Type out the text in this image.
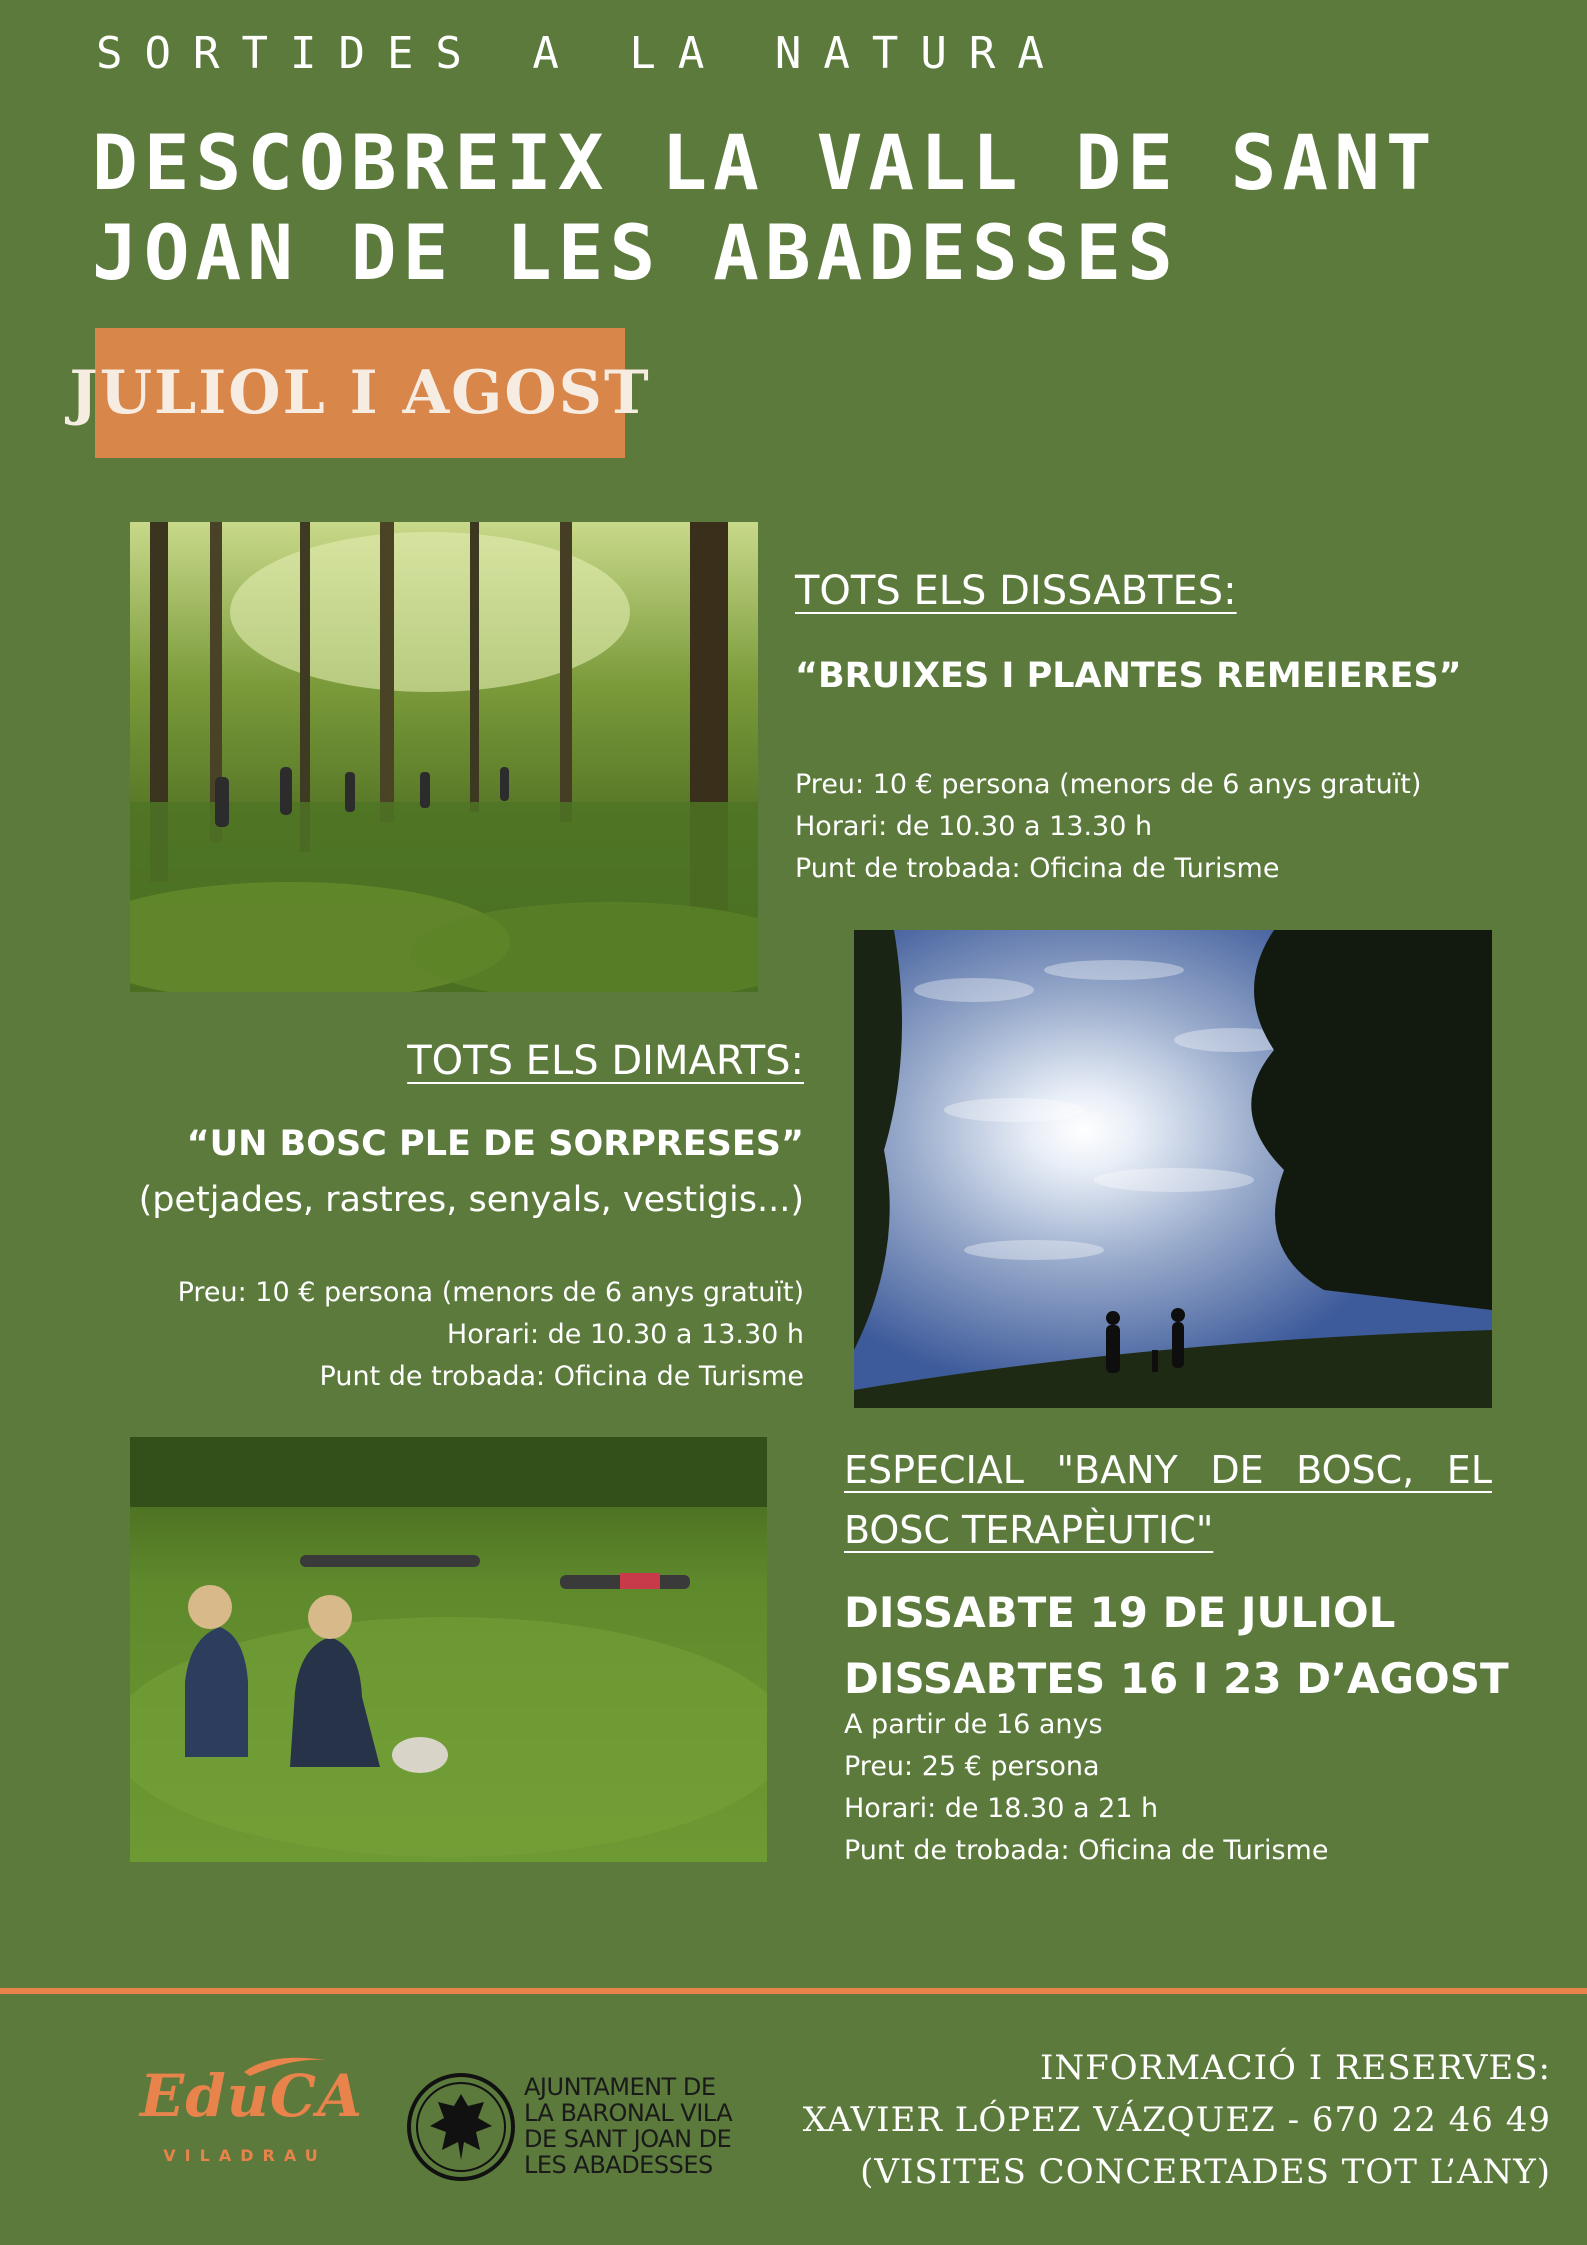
SORTIDES A LA NATURA
DESCOBREIX LA VALL DE SANT
JOAN DE LES ABADESSES
JULIOL I AGOST
TOTS ELS DISSABTES:
“BRUIXES I PLANTES REMEIERES”
Preu: 10 € persona (menors de 6 anys gratuït)
Horari: de 10.30 a 13.30 h
Punt de trobada: Oficina de Turisme
TOTS ELS DIMARTS:
“UN BOSC PLE DE SORPRESES”
(petjades, rastres, senyals, vestigis...)
Preu: 10 € persona (menors de 6 anys gratuït)
Horari: de 10.30 a 13.30 h
Punt de trobada: Oficina de Turisme
ESPECIAL "BANY DE BOSC, EL BOSC TERAPÈUTIC"
DISSABTE 19 DE JULIOL
DISSABTES 16 I 23 D’AGOST
A partir de 16 anys
Preu: 25 € persona
Horari: de 18.30 a 21 h
Punt de trobada: Oficina de Turisme
EduCA
VILADRAU
AJUNTAMENT DE
LA BARONAL VILA
DE SANT JOAN DE
LES ABADESSES
INFORMACIÓ I RESERVES:
XAVIER LÓPEZ VÁZQUEZ - 670 22 46 49
(VISITES CONCERTADES TOT L’ANY)
